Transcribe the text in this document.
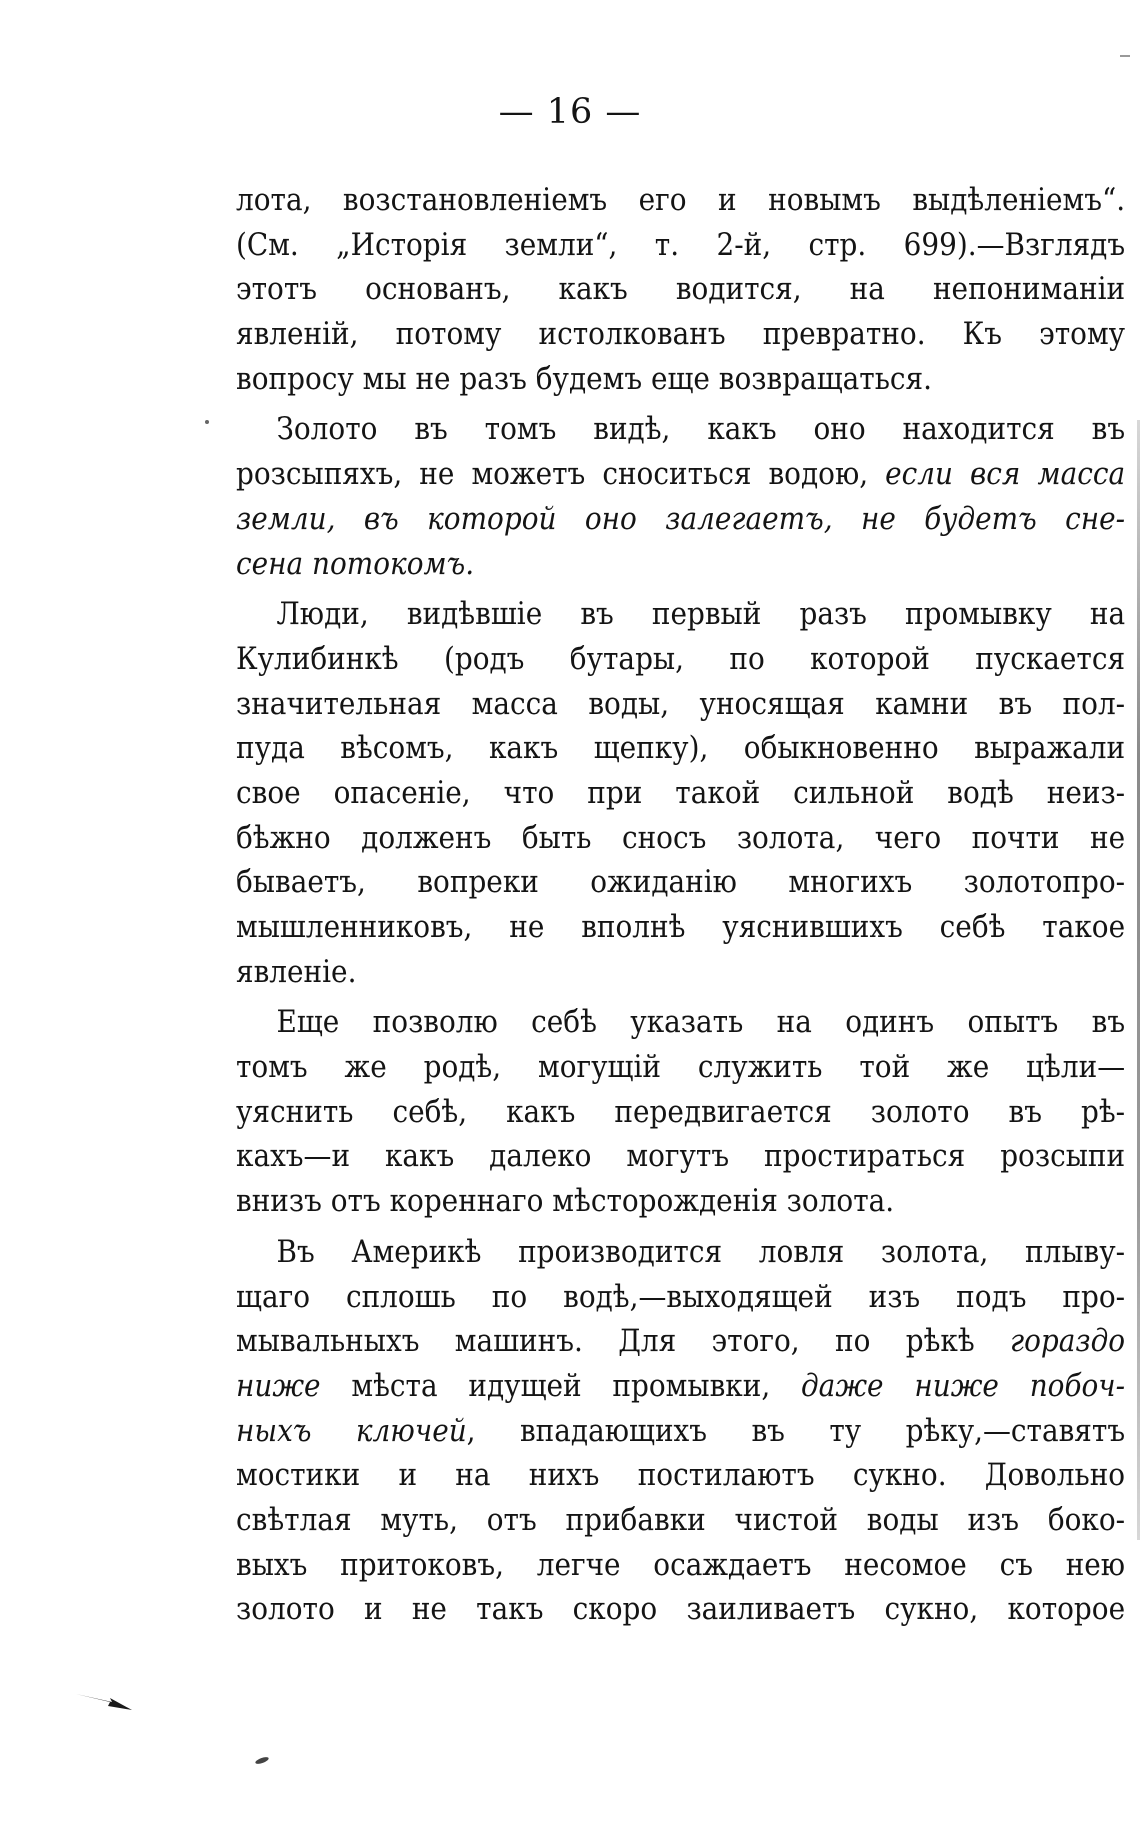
— 16 —
лота, возстановленіемъ его и новымъ выдѣленіемъ“.
(См. „Исторія земли“, т. 2-й, стр. 699).—Взглядъ
этотъ основанъ, какъ водится, на непониманіи
явленій, потому истолкованъ превратно. Къ этому
вопросу мы не разъ будемъ еще возвращаться.
Золото въ томъ видѣ, какъ оно находится въ
розсыпяхъ, не можетъ сноситься водою, если вся масса
земли, въ которой оно залегаетъ, не будетъ сне-
сена потокомъ.
Люди, видѣвшіе въ первый разъ промывку на
Кулибинкѣ (родъ бутары, по которой пускается
значительная масса воды, уносящая камни въ пол-
пуда вѣсомъ, какъ щепку), обыкновенно выражали
свое опасеніе, что при такой сильной водѣ неиз-
бѣжно долженъ быть сносъ золота, чего почти не
бываетъ, вопреки ожиданію многихъ золотопро-
мышленниковъ, не вполнѣ уяснившихъ себѣ такое
явленіе.
Еще позволю себѣ указать на одинъ опытъ въ
томъ же родѣ, могущій служить той же цѣли—
уяснить себѣ, какъ передвигается золото въ рѣ-
кахъ—и какъ далеко могутъ простираться розсыпи
внизъ отъ кореннаго мѣсторожденія золота.
Въ Америкѣ производится ловля золота, плыву-
щаго сплошь по водѣ,—выходящей изъ подъ про-
мывальныхъ машинъ. Для этого, по рѣкѣ гораздо
ниже мѣста идущей промывки, даже ниже побоч-
ныхъ ключей, впадающихъ въ ту рѣку,—ставятъ
мостики и на нихъ постилаютъ сукно. Довольно
свѣтлая муть, отъ прибавки чистой воды изъ боко-
выхъ притоковъ, легче осаждаетъ несомое съ нею
золото и не такъ скоро заиливаетъ сукно, которое
